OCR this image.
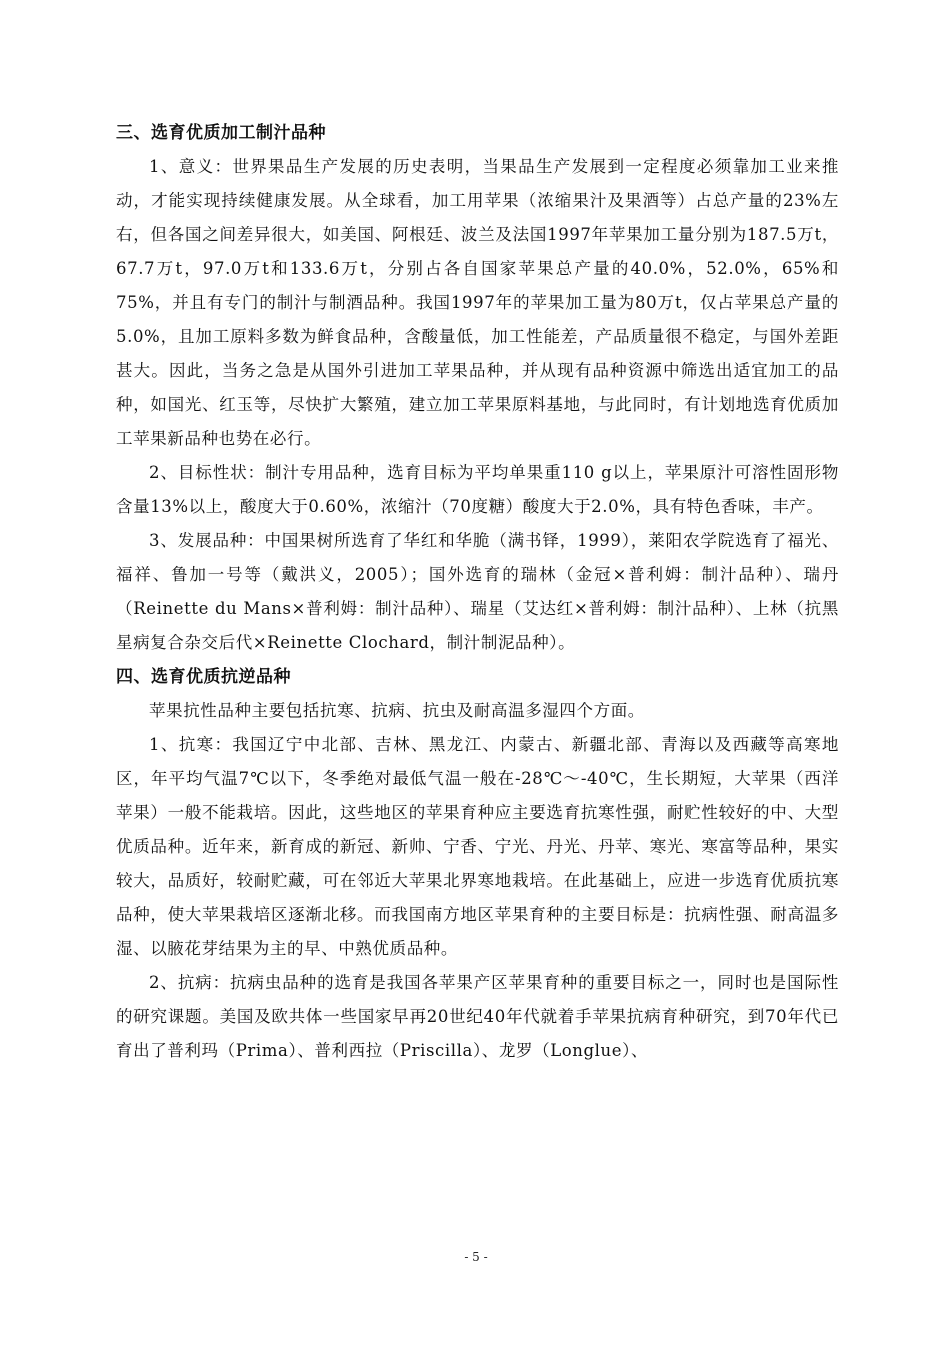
三、选育优质加工制汁品种

1、意义：世界果品生产发展的历史表明，当果品生产发展到一定程度必须靠加工业来推动，才能实现持续健康发展。从全球看，加工用苹果（浓缩果汁及果酒等）占总产量的23%左右，但各国之间差异很大，如美国、阿根廷、波兰及法国1997年苹果加工量分别为187.5万t，67.7万t，97.0万t和133.6万t，分别占各自国家苹果总产量的40.0%，52.0%，65%和75%，并且有专门的制汁与制酒品种。我国1997年的苹果加工量为80万t，仅占苹果总产量的5.0%，且加工原料多数为鲜食品种，含酸量低，加工性能差，产品质量很不稳定，与国外差距甚大。因此，当务之急是从国外引进加工苹果品种，并从现有品种资源中筛选出适宜加工的品种，如国光、红玉等，尽快扩大繁殖，建立加工苹果原料基地，与此同时，有计划地选育优质加工苹果新品种也势在必行。

2、目标性状：制汁专用品种，选育目标为平均单果重110 g以上，苹果原汁可溶性固形物含量13%以上，酸度大于0.60%，浓缩汁（70度糖）酸度大于2.0%，具有特色香味，丰产。

3、发展品种：中国果树所选育了华红和华脆（满书铎，1999），莱阳农学院选育了福光、福祥、鲁加一号等（戴洪义，2005）；国外选育的瑞林（金冠×普利姆：制汁品种）、瑞丹（Reinette du Mans×普利姆：制汁品种）、瑞星（艾达红×普利姆：制汁品种）、上林（抗黑星病复合杂交后代×Reinette Clochard，制汁制泥品种）。

四、选育优质抗逆品种

苹果抗性品种主要包括抗寒、抗病、抗虫及耐高温多湿四个方面。

1、抗寒：我国辽宁中北部、吉林、黑龙江、内蒙古、新疆北部、青海以及西藏等高寒地区，年平均气温7℃以下，冬季绝对最低气温一般在-28℃～-40℃，生长期短，大苹果（西洋苹果）一般不能栽培。因此，这些地区的苹果育种应主要选育抗寒性强，耐贮性较好的中、大型优质品种。近年来，新育成的新冠、新帅、宁香、宁光、丹光、丹苹、寒光、寒富等品种，果实较大，品质好，较耐贮藏，可在邻近大苹果北界寒地栽培。在此基础上，应进一步选育优质抗寒品种，使大苹果栽培区逐渐北移。而我国南方地区苹果育种的主要目标是：抗病性强、耐高温多湿、以腋花芽结果为主的早、中熟优质品种。

2、抗病：抗病虫品种的选育是我国各苹果产区苹果育种的重要目标之一，同时也是国际性的研究课题。美国及欧共体一些国家早再20世纪40年代就着手苹果抗病育种研究，到70年代已育出了普利玛（Prima）、普利西拉（Priscilla）、龙罗（Longlue）、

- 5 -
